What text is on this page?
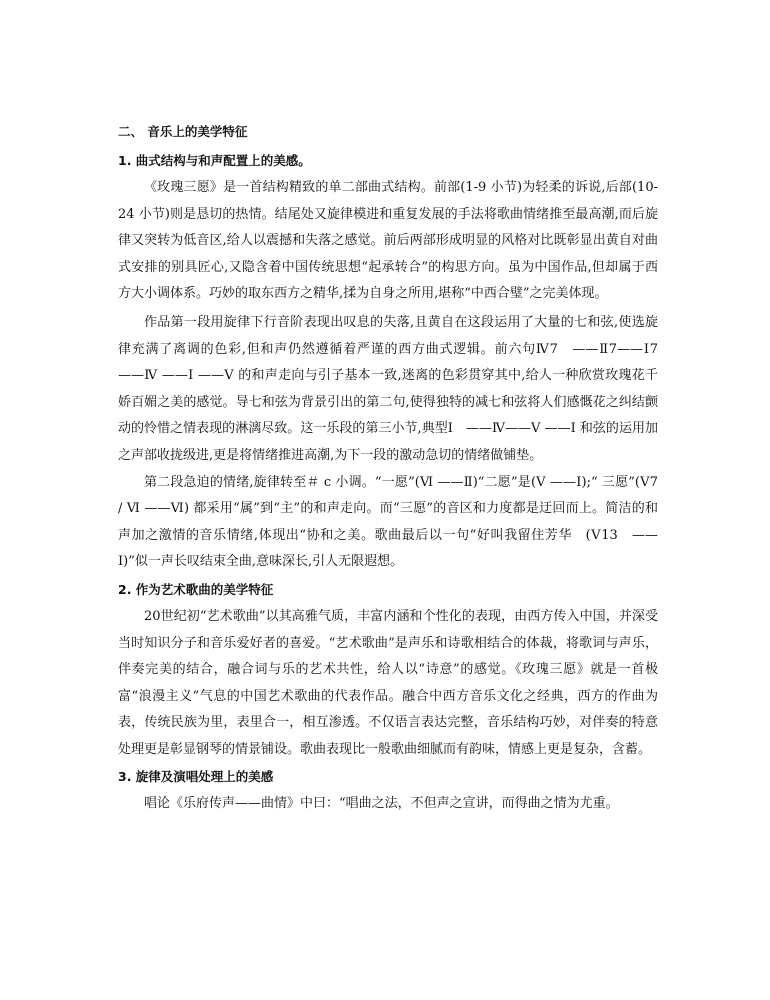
二、 音乐上的美学特征

1. 曲式结构与和声配置上的美感。

《玫瑰三愿》是一首结构精致的单二部曲式结构。前部(1-9 小节)为轻柔的诉说,后部(10-24 小节)则是恳切的热情。结尾处又旋律模进和重复发展的手法将歌曲情绪推至最高潮,而后旋律又突转为低音区,给人以震撼和失落之感觉。前后两部形成明显的风格对比既彰显出黄自对曲式安排的别具匠心,又隐含着中国传统思想“起承转合”的构思方向。虽为中国作品,但却属于西方大小调体系。巧妙的取东西方之精华,揉为自身之所用,堪称“中西合璧”之完美体现。

作品第一段用旋律下行音阶表现出叹息的失落,且黄自在这段运用了大量的七和弦,使选旋律充满了离调的色彩,但和声仍然遵循着严谨的西方曲式逻辑。前六句Ⅳ7　——Ⅱ7——Ⅰ7 ——Ⅳ ——Ⅰ ——Ⅴ 的和声走向与引子基本一致,迷离的色彩贯穿其中,给人一种欣赏玫瑰花千娇百媚之美的感觉。导七和弦为背景引出的第二句,使得独特的减七和弦将人们感慨花之纠结颤动的怜惜之情表现的淋漓尽致。这一乐段的第三小节,典型Ⅰ　——Ⅳ——Ⅴ ——Ⅰ 和弦的运用加之声部收拢级进,更是将情绪推进高潮,为下一段的激动急切的情绪做铺垫。

第二段急迫的情绪,旋律转至＃ c 小调。“一愿”(Ⅵ ——Ⅱ)“二愿”是(Ⅴ ——Ⅰ);“ 三愿”(Ⅴ7 / Ⅵ ——Ⅵ) 都采用“属”到“主”的和声走向。而“三愿”的音区和力度都是迂回而上。简洁的和声加之激情的音乐情绪,体现出“协和之美。歌曲最后以一句“好叫我留住芳华　(Ⅴ13　——Ⅰ)”似一声长叹结束全曲,意味深长,引人无限遐想。

2. 作为艺术歌曲的美学特征

20世纪初“艺术歌曲”以其高雅气质，丰富内涵和个性化的表现，由西方传入中国，并深受当时知识分子和音乐爱好者的喜爱。“艺术歌曲”是声乐和诗歌相结合的体裁，将歌词与声乐，伴奏完美的结合，融合词与乐的艺术共性，给人以“诗意”的感觉。《玫瑰三愿》就是一首极富“浪漫主义”气息的中国艺术歌曲的代表作品。融合中西方音乐文化之经典，西方的作曲为表，传统民族为里，表里合一，相互渗透。不仅语言表达完整，音乐结构巧妙，对伴奏的特意处理更是彰显钢琴的情景铺设。歌曲表现比一般歌曲细腻而有韵味，情感上更是复杂，含蓄。

3. 旋律及演唱处理上的美感

唱论《乐府传声——曲情》中曰：“唱曲之法，不但声之宣讲，而得曲之情为尤重。
